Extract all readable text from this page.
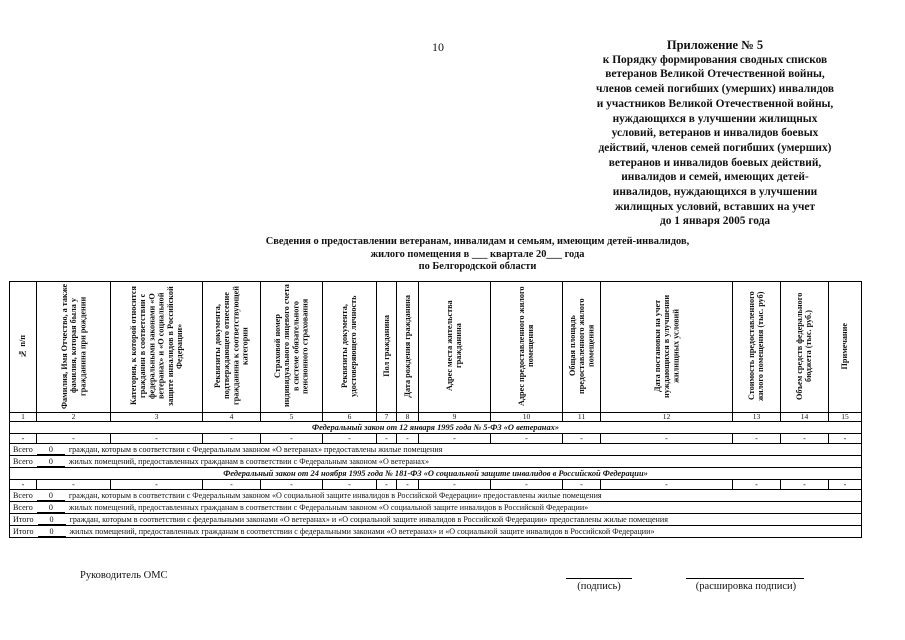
10	Приложение № 5
к Порядку формирования сводных списков
ветеранов Великой Отечественной войны,
членов семей погибших (умерших) инвалидов
и участников Великой Отечественной войны,
нуждающихся в улучшении жилищных
условий, ветеранов и инвалидов боевых
действий, членов семей погибших (умерших)
ветеранов и инвалидов боевых действий,
инвалидов и семей, имеющих детей-
инвалидов, нуждающихся в улучшении
жилищных условий, вставших на учет
до 1 января 2005 года
Сведения о предоставлении ветеранам, инвалидам и семьям, имеющим детей-инвалидов,
жилого помещения в ___ квартале 20___ года
по Белгородской области
№ п/п	Фамилия, Имя Отчество, а также фамилия, которая была у гражданина при рождении	Категория, к которой относится гражданин в соответствии с федеральными законами «О ветеранах» и «О социальной защите инвалидов в Российской Федерации»	Реквизиты документа, подтверждающего отнесение гражданина к соответствующей категории	Страховой номер индивидуального лицевого счета в системе обязательного пенсионного страхования	Реквизиты документа, удостоверяющего личность	Пол гражданина	Дата рождения гражданина	Адрес места жительства гражданина	Адрес предоставленного жилого помещения	Общая площадь предоставленного жилого помещения	Дата постановки на учет нуждающихся в улучшении жилищных условий	Стоимость предоставленного жилого помещения (тыс. руб)	Объем средств федерального бюджета (тыс. руб.)	Примечание
1	2	3	4	5	6	7	8	9	10	11	12	13	14	15
Федеральный закон от 12 января 1995 года № 5-ФЗ «О ветеранах»														
-	-	-	-	-	-	-	-	-	-	-	-	-	-	-
Всего 0 граждан, которым в соответствии с Федеральным законом «О ветеранах» предоставлены жилые помещения														
Всего 0 жилых помещений, предоставленных гражданам в соответствии с Федеральным законом «О ветеранах»														
Федеральный закон от 24 ноября 1995 года № 181-ФЗ «О социальной защите инвалидов в Российской Федерации»														
-	-	-	-	-	-	-	-	-	-	-	-	-	-	-
Всего 0 граждан, которым в соответствии с Федеральным законом «О социальной защите инвалидов в Российской Федерации» предоставлены жилые помещения														
Всего 0 жилых помещений, предоставленных гражданам в соответствии с Федеральным законом «О социальной защите инвалидов в Российской Федерации»														
Итого 0 граждан, которым в соответствии с федеральными законами «О ветеранах» и «О социальной защите инвалидов в Российской Федерации» предоставлены жилые помещения														
Итого 0 жилых помещений, предоставленных гражданам в соответствии с федеральными законами «О ветеранах» и «О социальной защите инвалидов в Российской Федерации»														
Руководитель ОМС
(подпись)	(расшировка подписи)
